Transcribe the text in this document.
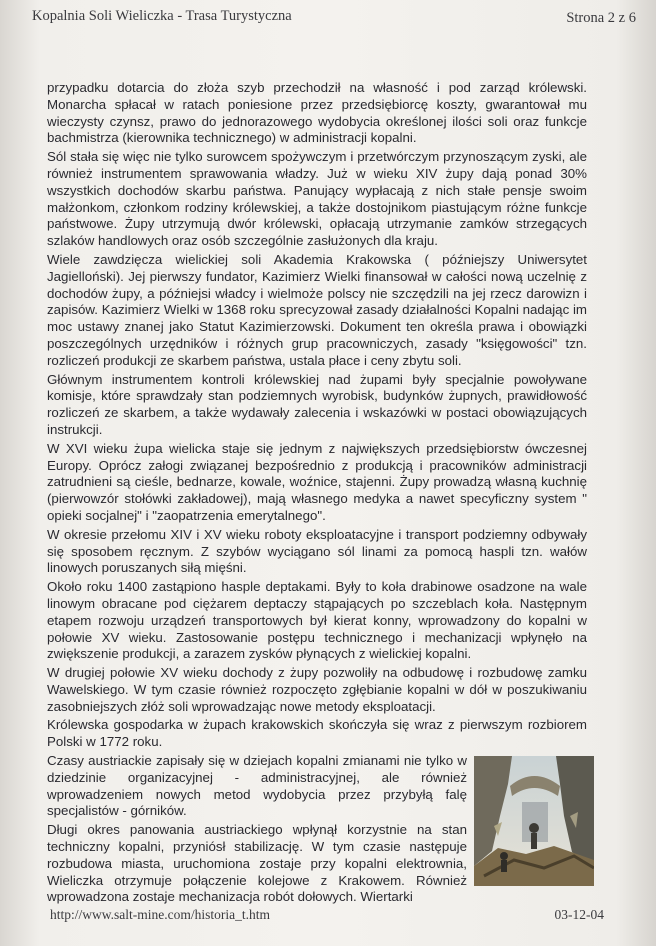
Kopalnia Soli Wieliczka - Trasa Turystyczna	Strona 2 z 6

przypadku dotarcia do złoża szyb przechodził na własność i pod zarząd królewski. Monarcha spłacał w ratach poniesione przez przedsiębiorcę koszty, gwarantował mu wieczysty czynsz, prawo do jednorazowego wydobycia określonej ilości soli oraz funkcje bachmistrza (kierownika technicznego) w administracji kopalni.

Sól stała się więc nie tylko surowcem spożywczym i przetwórczym przynoszącym zyski, ale również instrumentem sprawowania władzy. Już w wieku XIV żupy dają ponad 30% wszystkich dochodów skarbu państwa. Panujący wypłacają z nich stałe pensje swoim małżonkom, członkom rodziny królewskiej, a także dostojnikom piastującym różne funkcje państwowe. Żupy utrzymują dwór królewski, opłacają utrzymanie zamków strzegących szlaków handlowych oraz osób szczególnie zasłużonych dla kraju.

Wiele zawdzięcza wielickiej soli Akademia Krakowska ( późniejszy Uniwersytet Jagielloński). Jej pierwszy fundator, Kazimierz Wielki finansował w całości nową uczelnię z dochodów żupy, a późniejsi władcy i wielmoże polscy nie szczędzili na jej rzecz darowizn i zapisów. Kazimierz Wielki w 1368 roku sprecyzował zasady działalności Kopalni nadając im moc ustawy znanej jako Statut Kazimierzowski. Dokument ten określa prawa i obowiązki poszczególnych urzędników i różnych grup pracowniczych, zasady "księgowości" tzn. rozliczeń produkcji ze skarbem państwa, ustala płace i ceny zbytu soli.

Głównym instrumentem kontroli królewskiej nad żupami były specjalnie powoływane komisje, które sprawdzały stan podziemnych wyrobisk, budynków żupnych, prawidłowość rozliczeń ze skarbem, a także wydawały zalecenia i wskazówki w postaci obowiązujących instrukcji.

W XVI wieku żupa wielicka staje się jednym z największych przedsiębiorstw ówczesnej Europy. Oprócz załogi związanej bezpośrednio z produkcją i pracowników administracji zatrudnieni są cieśle, bednarze, kowale, woźnice, stajenni. Żupy prowadzą własną kuchnię (pierwowzór stołówki zakładowej), mają własnego medyka a nawet specyficzny system " opieki socjalnej" i "zaopatrzenia emerytalnego".

W okresie przełomu XIV i XV wieku roboty eksploatacyjne i transport podziemny odbywały się sposobem ręcznym. Z szybów wyciągano sól linami za pomocą haspli tzn. wałów linowych poruszanych siłą mięśni.

Około roku 1400 zastąpiono hasple deptakami. Były to koła drabinowe osadzone na wale linowym obracane pod ciężarem deptaczy stąpających po szczeblach koła. Następnym etapem rozwoju urządzeń transportowych był kierat konny, wprowadzony do kopalni w połowie XV wieku. Zastosowanie postępu technicznego i mechanizacji wpłynęło na zwiększenie produkcji, a zarazem zysków płynących z wielickiej kopalni.

W drugiej połowie XV wieku dochody z żupy pozwoliły na odbudowę i rozbudowę zamku Wawelskiego. W tym czasie również rozpoczęto zgłębianie kopalni w dół w poszukiwaniu zasobniejszych złóż soli wprowadzając nowe metody eksploatacji.

Królewska gospodarka w żupach krakowskich skończyła się wraz z pierwszym rozbiorem Polski w 1772 roku.

Czasy austriackie zapisały się w dziejach kopalni zmianami nie tylko w dziedzinie organizacyjnej - administracyjnej, ale również wprowadzeniem nowych metod wydobycia przez przybyłą falę specjalistów - górników.

Długi okres panowania austriackiego wpłynął korzystnie na stan techniczny kopalni, przyniósł stabilizację. W tym czasie następuje rozbudowa miasta, uruchomiona zostaje przy kopalni elektrownia, Wieliczka otrzymuje połączenie kolejowe z Krakowem. Również wprowadzona zostaje mechanizacja robót dołowych. Wiertarki

http://www.salt-mine.com/historia_t.htm	03-12-04
